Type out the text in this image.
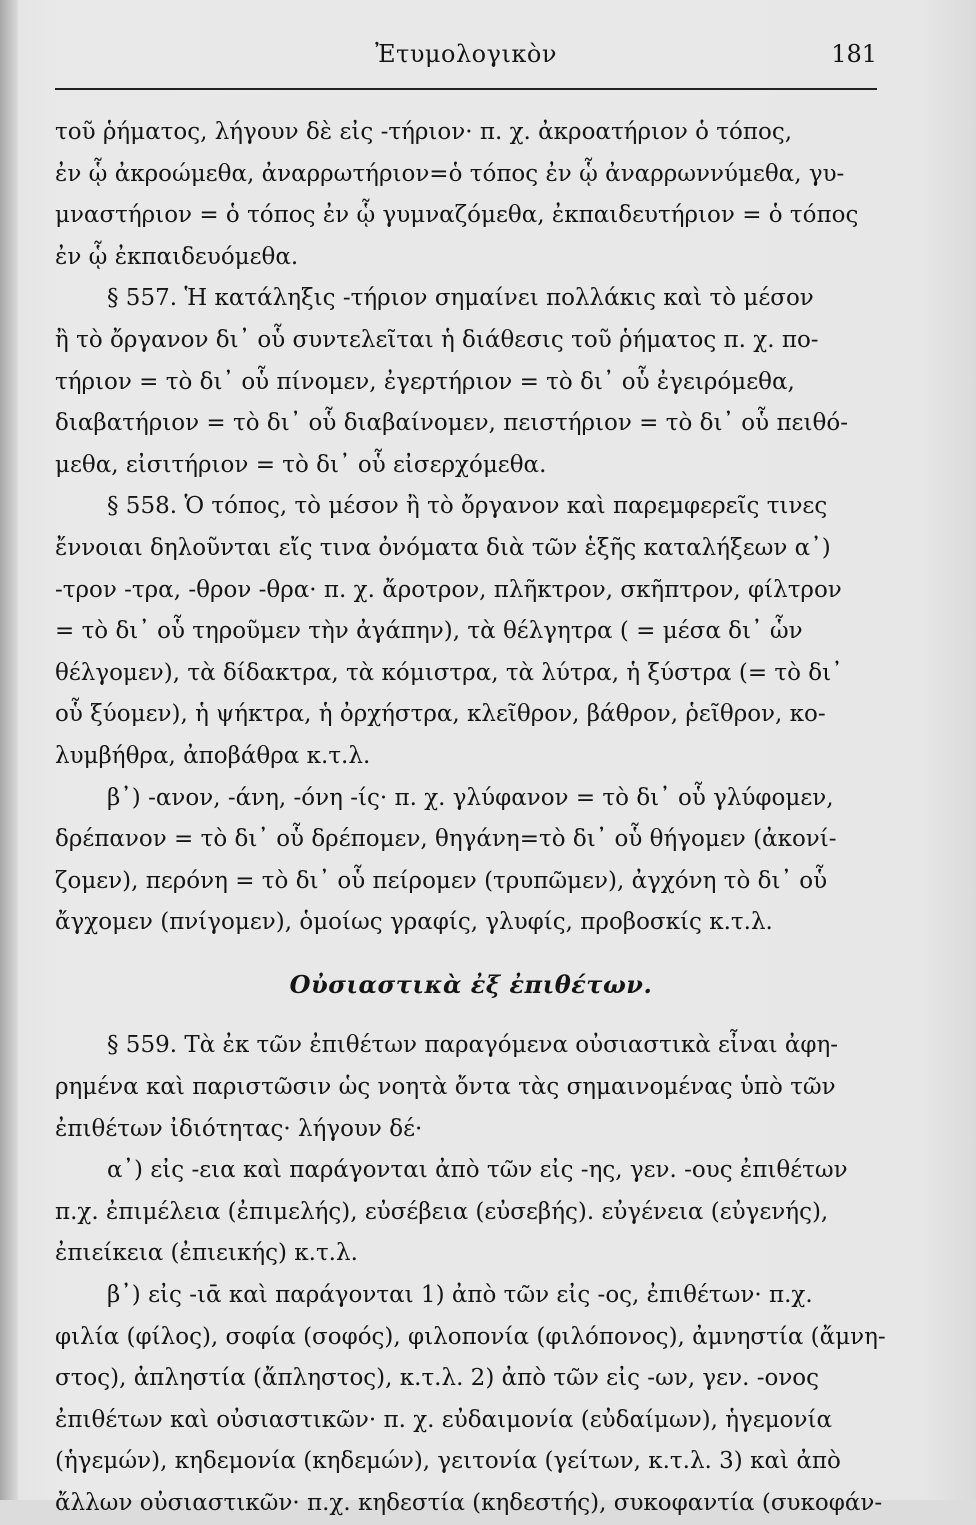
Ἐτυμολογικὸν	181
τοῦ ῥήματος, λήγουν δὲ εἰς -τήριον· π. χ. ἀκροατήριον ὁ τόπος,
ἐν ᾧ ἀκροώμεθα, ἀναρρωτήριον=ὁ τόπος ἐν ᾧ ἀναρρωννύμεθα, γυ-
μναστήριον = ὁ τόπος ἐν ᾧ γυμναζόμεθα, ἐκπαιδευτήριον = ὁ τόπος
ἐν ᾧ ἐκπαιδευόμεθα.
§ 557. Ἡ κατάληξις -τήριον σημαίνει πολλάκις καὶ τὸ μέσον
ἢ τὸ ὄργανον δι᾽ οὗ συντελεῖται ἡ διάθεσις τοῦ ῥήματος π. χ. πο-
τήριον = τὸ δι᾽ οὗ πίνομεν, ἐγερτήριον = τὸ δι᾽ οὗ ἐγειρόμεθα,
διαβατήριον = τὸ δι᾽ οὗ διαβαίνομεν, πειστήριον = τὸ δι᾽ οὗ πειθό-
μεθα, εἰσιτήριον = τὸ δι᾽ οὗ εἰσερχόμεθα.
§ 558. Ὁ τόπος, τὸ μέσον ἢ τὸ ὄργανον καὶ παρεμφερεῖς τινες
ἔννοιαι δηλοῦνται εἴς τινα ὀνόματα διὰ τῶν ἑξῆς καταλήξεων α᾽)
-τρον -τρα, -θρον -θρα· π. χ. ἄροτρον, πλῆκτρον, σκῆπτρον, φίλτρον
= τὸ δι᾽ οὗ τηροῦμεν τὴν ἀγάπην), τὰ θέλγητρα ( = μέσα δι᾽ ὧν
θέλγομεν), τὰ δίδακτρα, τὰ κόμιστρα, τὰ λύτρα, ἡ ξύστρα (= τὸ δι᾽
οὗ ξύομεν), ἡ ψήκτρα, ἡ ὀρχήστρα, κλεῖθρον, βάθρον, ῥεῖθρον, κο-
λυμβήθρα, ἀποβάθρα κ.τ.λ.
β᾽) -ανον, -άνη, -όνη -ίς· π. χ. γλύφανον = τὸ δι᾽ οὗ γλύφομεν,
δρέπανον = τὸ δι᾽ οὗ δρέπομεν, θηγάνη=τὸ δι᾽ οὗ θήγομεν (ἀκονί-
ζομεν), περόνη = τὸ δι᾽ οὗ πείρομεν (τρυπῶμεν), ἀγχόνη τὸ δι᾽ οὗ
ἄγχομεν (πνίγομεν), ὁμοίως γραφίς, γλυφίς, προβοσκίς κ.τ.λ.
Οὐσιαστικὰ ἐξ ἐπιθέτων.
§ 559. Τὰ ἐκ τῶν ἐπιθέτων παραγόμενα οὐσιαστικὰ εἶναι ἀφη-
ρημένα καὶ παριστῶσιν ὡς νοητὰ ὄντα τὰς σημαινομένας ὑπὸ τῶν
ἐπιθέτων ἰδιότητας· λήγουν δέ·
α᾽) εἰς -εια καὶ παράγονται ἀπὸ τῶν εἰς -ης, γεν. -ους ἐπιθέτων
π.χ. ἐπιμέλεια (ἐπιμελής), εὐσέβεια (εὐσεβής). εὐγένεια (εὐγενής),
ἐπιείκεια (ἐπιεικής) κ.τ.λ.
β᾽) εἰς -ιᾱ καὶ παράγονται 1) ἀπὸ τῶν εἰς -ος, ἐπιθέτων· π.χ.
φιλία (φίλος), σοφία (σοφός), φιλοπονία (φιλόπονος), ἀμνηστία (ἄμνη-
στος), ἀπληστία (ἄπληστος), κ.τ.λ. 2) ἀπὸ τῶν εἰς -ων, γεν. -ονος
ἐπιθέτων καὶ οὐσιαστικῶν· π. χ. εὐδαιμονία (εὐδαίμων), ἡγεμονία
(ἡγεμών), κηδεμονία (κηδεμών), γειτονία (γείτων, κ.τ.λ. 3) καὶ ἀπὸ
ἄλλων οὐσιαστικῶν· π.χ. κηδεστία (κηδεστής), συκοφαντία (συκοφάν-
